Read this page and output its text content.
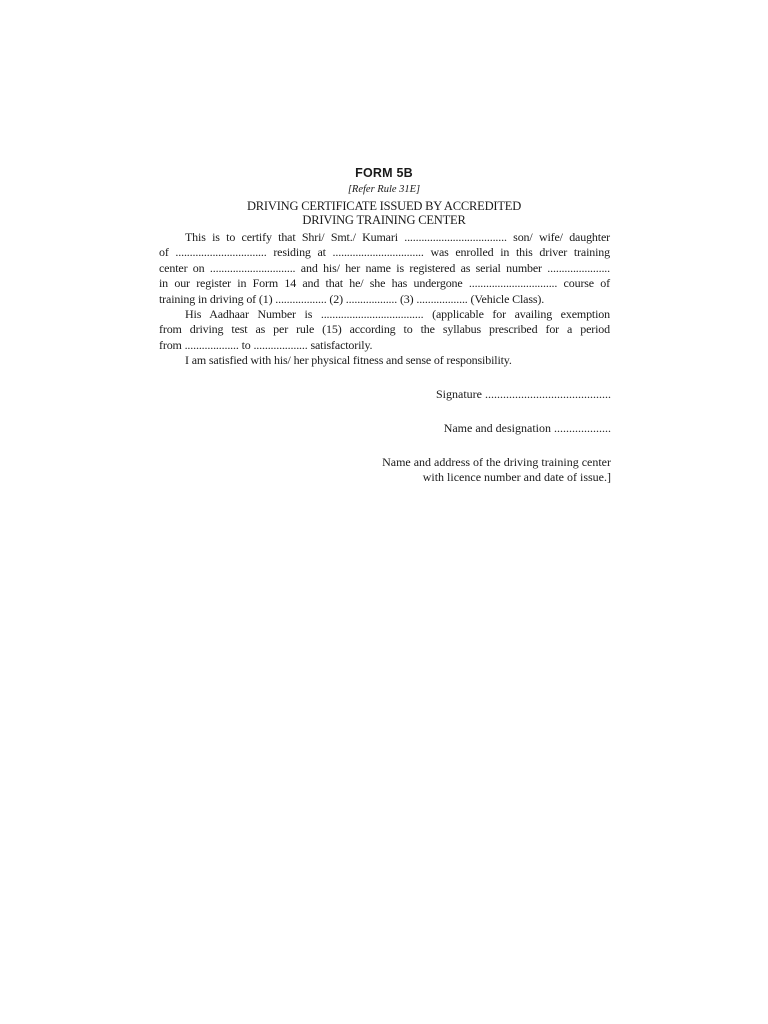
FORM 5B
[Refer Rule 31E]
DRIVING CERTIFICATE ISSUED BY ACCREDITED
DRIVING TRAINING CENTER
This is to certify that Shri/ Smt./ Kumari .................................... son/ wife/ daughter
of ................................ residing at ................................ was enrolled in this driver training
center on .............................. and his/ her name is registered as serial number ......................
in our register in Form 14 and that he/ she has undergone ............................... course of
training in driving of (1) .................. (2) .................. (3) .................. (Vehicle Class).
His Aadhaar Number is .................................... (applicable for availing exemption
from driving test as per rule (15) according to the syllabus prescribed for a period
from ................... to ................... satisfactorily.
I am satisfied with his/ her physical fitness and sense of responsibility.
Signature ..........................................
Name and designation ...................
Name and address of the driving training center
with licence number and date of issue.]
